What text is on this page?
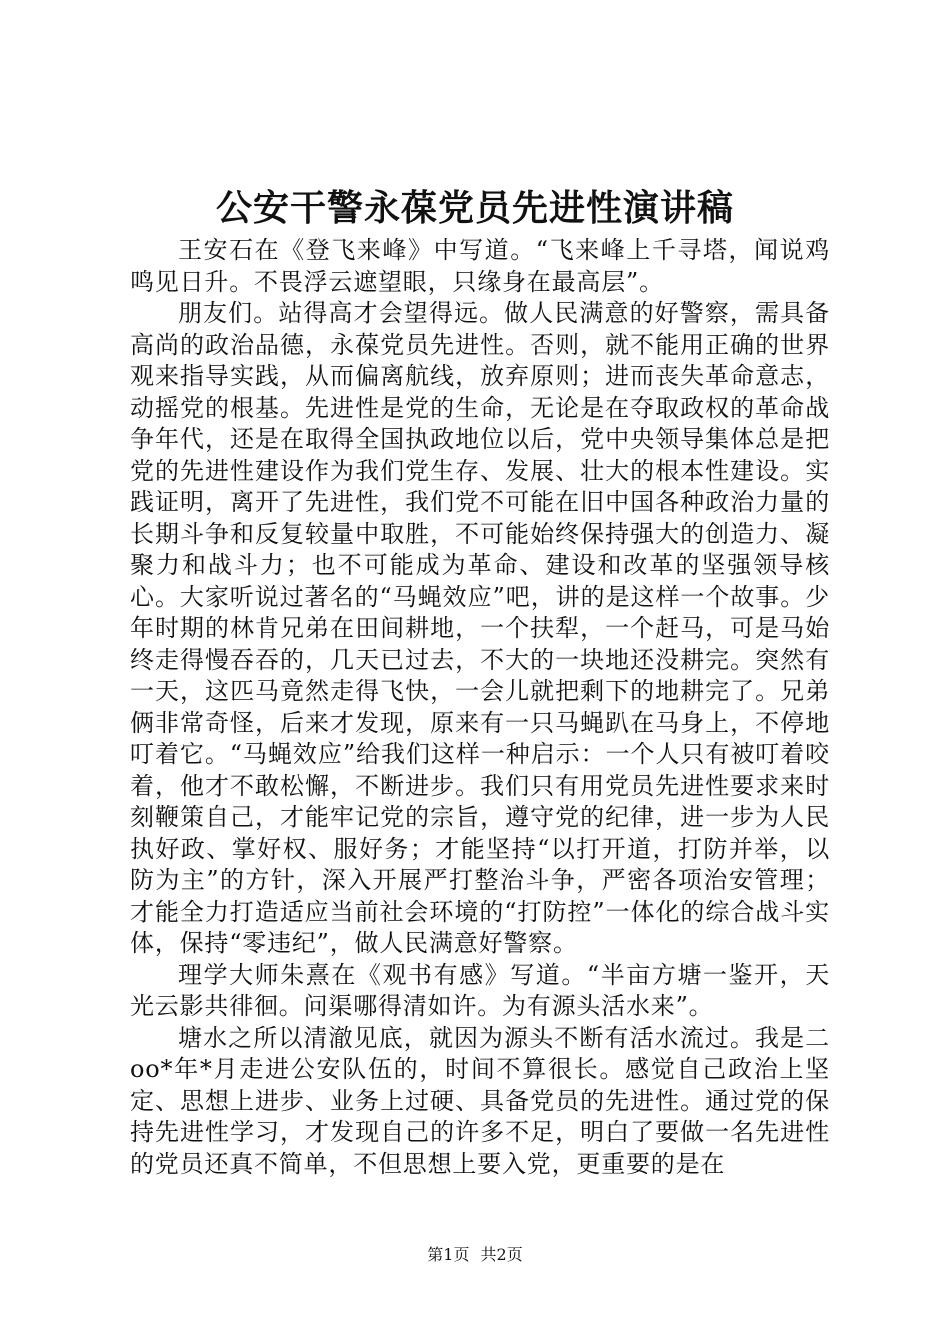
公安干警永葆党员先进性演讲稿

王安石在《登飞来峰》中写道。“飞来峰上千寻塔，闻说鸡鸣见日升。不畏浮云遮望眼，只缘身在最高层”。

朋友们。站得高才会望得远。做人民满意的好警察，需具备高尚的政治品德，永葆党员先进性。否则，就不能用正确的世界观来指导实践，从而偏离航线，放弃原则；进而丧失革命意志，动摇党的根基。先进性是党的生命，无论是在夺取政权的革命战争年代，还是在取得全国执政地位以后，党中央领导集体总是把党的先进性建设作为我们党生存、发展、壮大的根本性建设。实践证明，离开了先进性，我们党不可能在旧中国各种政治力量的长期斗争和反复较量中取胜，不可能始终保持强大的创造力、凝聚力和战斗力；也不可能成为革命、建设和改革的坚强领导核心。大家听说过著名的“马蝇效应”吧，讲的是这样一个故事。少年时期的林肯兄弟在田间耕地，一个扶犁，一个赶马，可是马始终走得慢吞吞的，几天已过去，不大的一块地还没耕完。突然有一天，这匹马竟然走得飞快，一会儿就把剩下的地耕完了。兄弟俩非常奇怪，后来才发现，原来有一只马蝇趴在马身上，不停地叮着它。“马蝇效应”给我们这样一种启示：一个人只有被叮着咬着，他才不敢松懈，不断进步。我们只有用党员先进性要求来时刻鞭策自己，才能牢记党的宗旨，遵守党的纪律，进一步为人民执好政、掌好权、服好务；才能坚持“以打开道，打防并举，以防为主”的方针，深入开展严打整治斗争，严密各项治安管理；才能全力打造适应当前社会环境的“打防控”一体化的综合战斗实体，保持“零违纪”，做人民满意好警察。

理学大师朱熹在《观书有感》写道。“半亩方塘一鉴开，天光云影共徘徊。问渠哪得清如许。为有源头活水来”。

塘水之所以清澈见底，就因为源头不断有活水流过。我是二oo*年*月走进公安队伍的，时间不算很长。感觉自己政治上坚定、思想上进步、业务上过硬、具备党员的先进性。通过党的保持先进性学习，才发现自己的许多不足，明白了要做一名先进性的党员还真不简单，不但思想上要入党，更重要的是在

第1页 共2页
